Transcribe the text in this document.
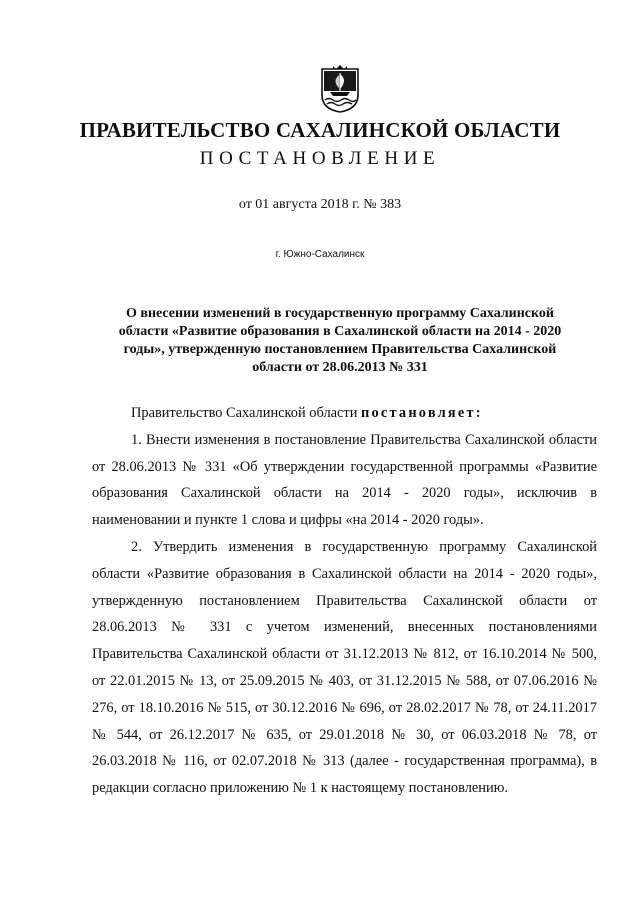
ПРАВИТЕЛЬСТВО САХАЛИНСКОЙ ОБЛАСТИ
ПОСТАНОВЛЕНИЕ
от 01 августа 2018 г. № 383
г. Южно-Сахалинск
О внесении изменений в государственную программу Сахалинской области «Развитие образования в Сахалинской области на 2014 - 2020 годы», утвержденную постановлением Правительства Сахалинской области от 28.06.2013 № 331

Правительство Сахалинской области постановляет:

1. Внести изменения в постановление Правительства Сахалинской области от 28.06.2013 № 331 «Об утверждении государственной программы «Развитие образования Сахалинской области на 2014 - 2020 годы», исключив в наименовании и пункте 1 слова и цифры «на 2014 - 2020 годы».

2. Утвердить изменения в государственную программу Сахалинской области «Развитие образования в Сахалинской области на 2014 - 2020 годы», утвержденную постановлением Правительства Сахалинской области от 28.06.2013 № 331 с учетом изменений, внесенных постановлениями Правительства Сахалинской области от 31.12.2013 № 812, от 16.10.2014 № 500, от 22.01.2015 № 13, от 25.09.2015 № 403, от 31.12.2015 № 588, от 07.06.2016 № 276, от 18.10.2016 № 515, от 30.12.2016 № 696, от 28.02.2017 № 78, от 24.11.2017 № 544, от 26.12.2017 № 635, от 29.01.2018 № 30, от 06.03.2018 № 78, от 26.03.2018 № 116, от 02.07.2018 № 313 (далее - государственная программа), в редакции согласно приложению № 1 к настоящему постановлению.
